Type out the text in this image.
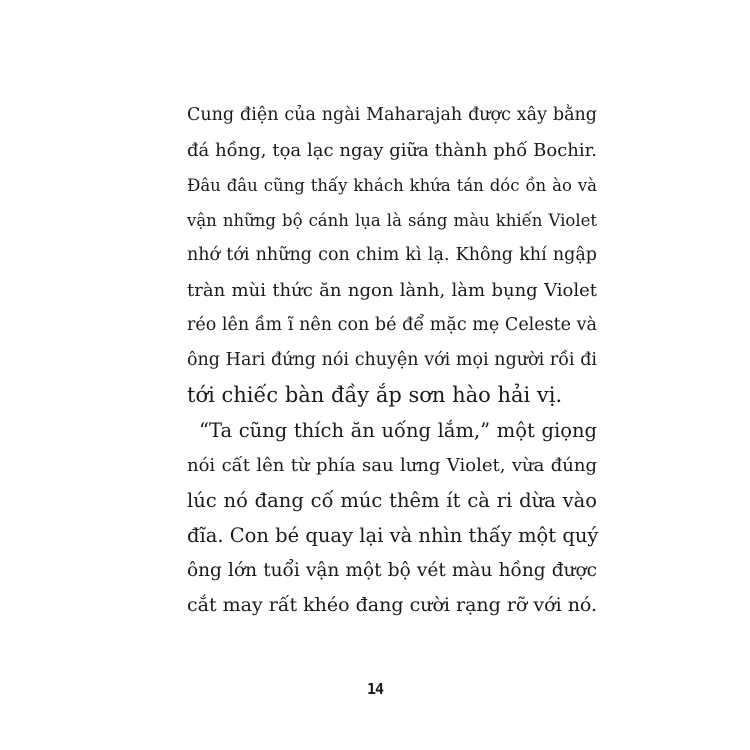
Cung điện của ngài Maharajah được xây bằng
đá hồng, tọa lạc ngay giữa thành phố Bochir.
Đâu đâu cũng thấy khách khứa tán dóc ồn ào và
vận những bộ cánh lụa là sáng màu khiến Violet
nhớ tới những con chim kì lạ. Không khí ngập
tràn mùi thức ăn ngon lành, làm bụng Violet
réo lên ầm ĩ nên con bé để mặc mẹ Celeste và
ông Hari đứng nói chuyện với mọi người rồi đi
tới chiếc bàn đầy ắp sơn hào hải vị.
“Ta cũng thích ăn uống lắm,” một giọng
nói cất lên từ phía sau lưng Violet, vừa đúng
lúc nó đang cố múc thêm ít cà ri dừa vào
đĩa. Con bé quay lại và nhìn thấy một quý
ông lớn tuổi vận một bộ vét màu hồng được
cắt may rất khéo đang cười rạng rỡ với nó.
14
